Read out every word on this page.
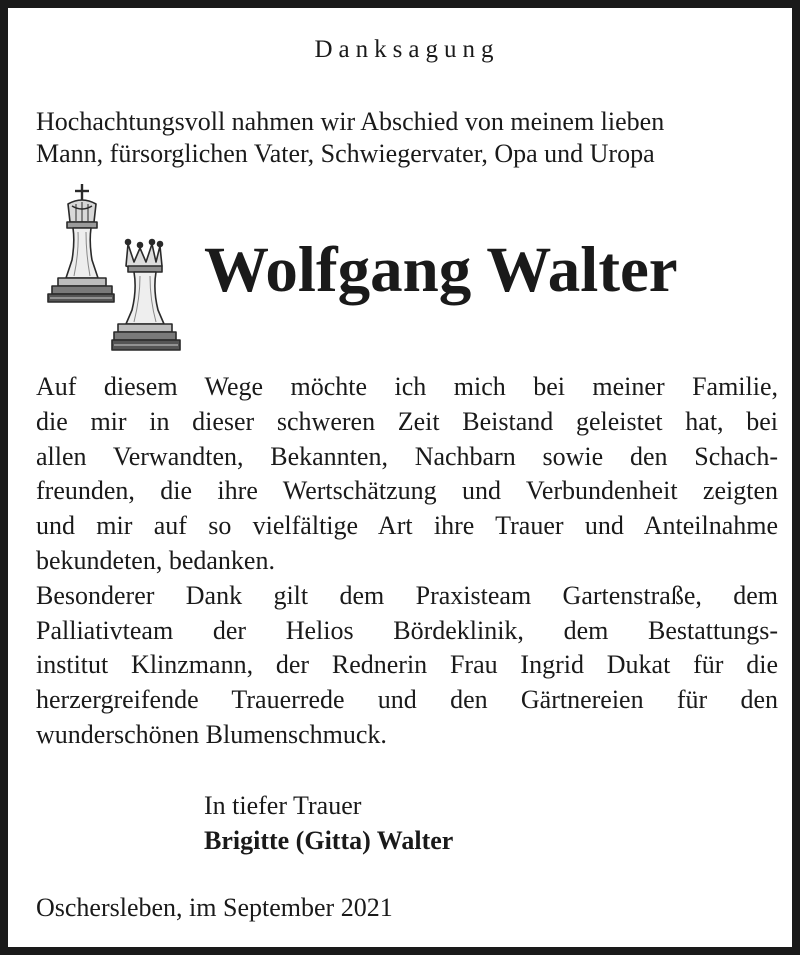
Danksagung
Hochachtungsvoll nahmen wir Abschied von meinem lieben
Mann, fürsorglichen Vater, Schwiegervater, Opa und Uropa
Wolfgang Walter
Auf diesem Wege möchte ich mich bei meiner Familie,
die mir in dieser schweren Zeit Beistand geleistet hat, bei
allen Verwandten, Bekannten, Nachbarn sowie den Schach-
freunden, die ihre Wertschätzung und Verbundenheit zeigten
und mir auf so vielfältige Art ihre Trauer und Anteilnahme
bekundeten, bedanken.
Besonderer Dank gilt dem Praxisteam Gartenstraße, dem
Palliativteam der Helios Bördeklinik, dem Bestattungs-
institut Klinzmann, der Rednerin Frau Ingrid Dukat für die
herzergreifende Trauerrede und den Gärtnereien für den
wunderschönen Blumenschmuck.
In tiefer Trauer
Brigitte (Gitta) Walter
Oschersleben, im September 2021
